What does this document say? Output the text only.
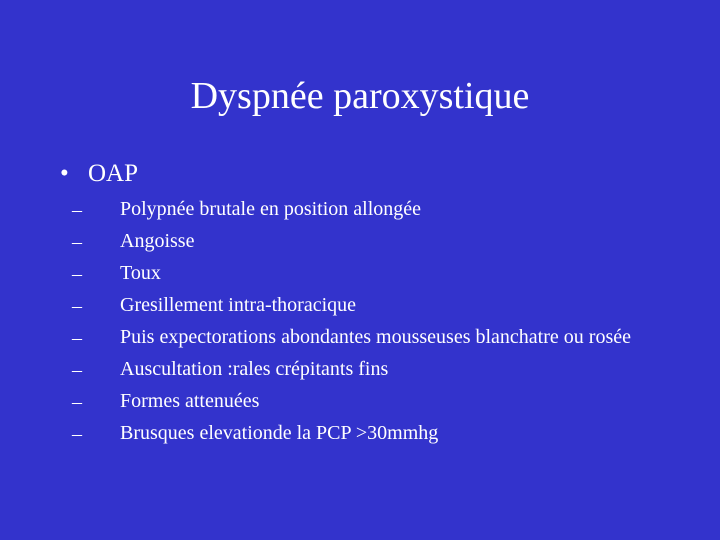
Dyspnée paroxystique
• OAP
–	Polypnée brutale en position allongée
–	Angoisse
–	Toux
–	Gresillement intra-thoracique
–	Puis expectorations abondantes mousseuses blanchatre ou rosée
–	Auscultation :rales crépitants fins
–	Formes attenuées
–	Brusques elevationde la PCP >30mmhg
